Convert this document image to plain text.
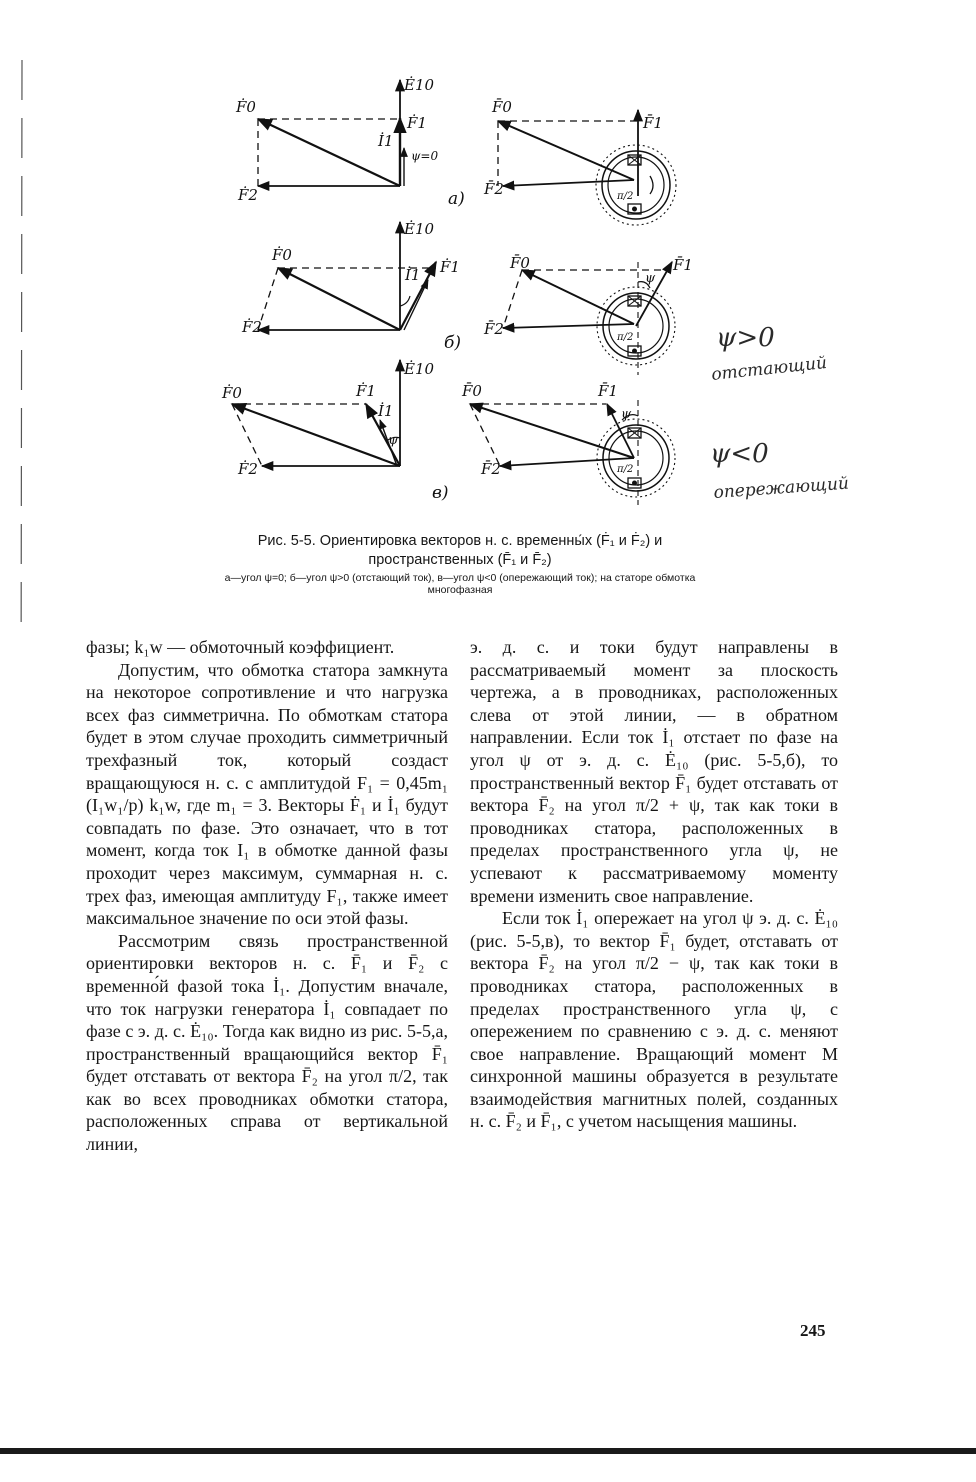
Ė10
Ḟ0
Ḟ1
İ1
ψ=0
Ḟ2	a)
F̄0
F̄1
F̄2	π/2
Ė10
Ḟ0
Ḟ1
İ1
Ḟ2
б)
F̄0	F̄1
F̄2
ψ
π/2
Ė10
Ḟ0	Ḟ1
İ1
ψ
Ḟ2
в)
F̄0	F̄1
F̄2
ψ
π/2
ψ>0
отстающий
ψ<0
опережающий

Рис. 5-5. Ориентировка векторов н. с. временны́х (Ḟ₁ и Ḟ₂) и пространственных (F̄₁ и F̄₂)

а—угол ψ=0; б—угол ψ>0 (отстающий ток), в—угол ψ<0 (опережающий ток); на статоре обмотка многофазная

фазы; k₁w — обмоточный коэффициент.

Допустим, что обмотка статора замкнута на некоторое сопротивление и что нагрузка всех фаз симметрична. По обмоткам статора будет в этом случае проходить симметричный трехфазный ток, который создаст вращающуюся н. с. с амплитудой F₁ = 0,45m₁ (I₁w₁/p) k₁w, где m₁ = 3. Векторы Ḟ₁ и İ₁ будут совпадать по фазе. Это означает, что в тот момент, когда ток I₁ в обмотке данной фазы проходит через максимум, суммарная н. с. трех фаз, имеющая амплитуду F₁, также имеет максимальное значение по оси этой фазы.

Рассмотрим связь пространственной ориентировки векторов н. с. F̄₁ и F̄₂ с временно́й фазой тока İ₁. Допустим вначале, что ток нагрузки генератора İ₁ совпадает по фазе с э. д. с. Ė₁₀. Тогда как видно из рис. 5-5,а, пространственный вращающийся вектор F̄₁ будет отставать от вектора F̄₂ на угол π/2, так как во всех проводниках обмотки статора, расположенных справа от вертикальной линии,

э. д. с. и токи будут направлены в рассматриваемый момент за плоскость чертежа, а в проводниках, расположенных слева от этой линии, — в обратном направлении. Если ток İ₁ отстает по фазе на угол ψ от э. д. с. Ė₁₀ (рис. 5-5,б), то пространственный вектор F̄₁ будет отставать от вектора F̄₂ на угол π/2 + ψ, так как токи в проводниках статора, расположенных в пределах пространственного угла ψ, не успевают к рассматриваемому моменту времени изменить свое направление.

Если ток İ₁ опережает на угол ψ э. д. с. Ė₁₀ (рис. 5-5,в), то вектор F̄₁ будет, отставать от вектора F̄₂ на угол π/2 − ψ, так как токи в проводниках статора, расположенных в пределах пространственного угла ψ, с опережением по сравнению с э. д. с. меняют свое направление. Вращающий момент M синхронной машины образуется в результате взаимодействия магнитных полей, созданных н. с. F̄₂ и F̄₁, с учетом насыщения машины.

245
